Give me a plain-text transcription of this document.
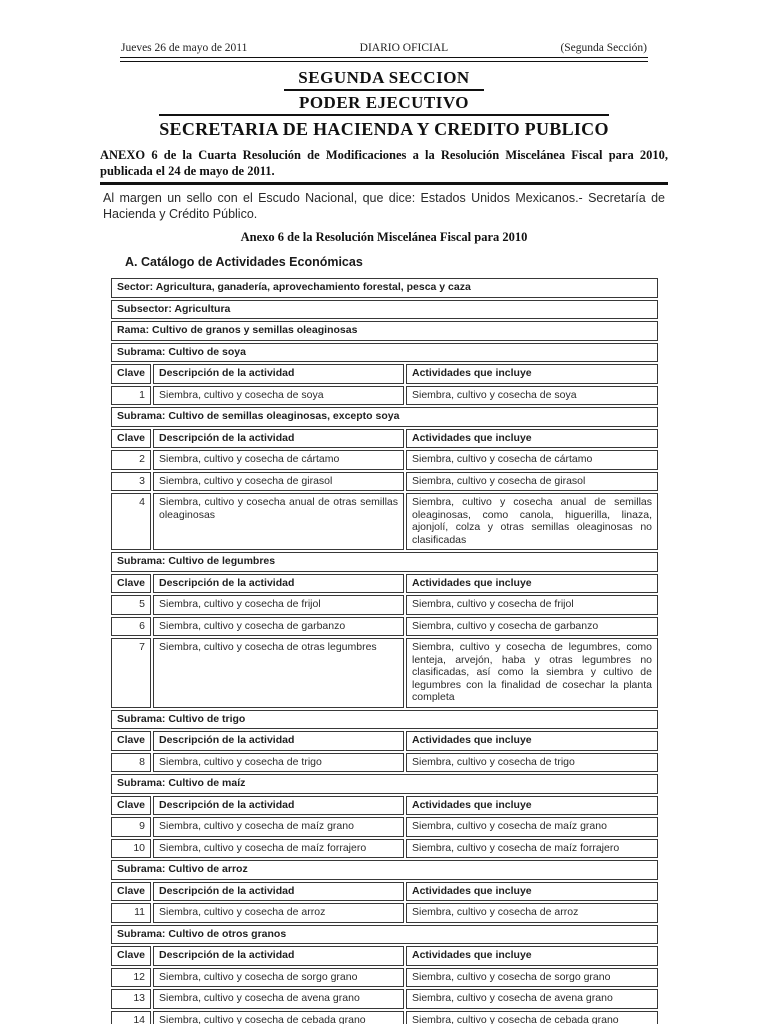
Jueves 26 de mayo de 2011	DIARIO OFICIAL	(Segunda Sección)
SEGUNDA SECCION
PODER EJECUTIVO
SECRETARIA DE HACIENDA Y CREDITO PUBLICO

ANEXO 6 de la Cuarta Resolución de Modificaciones a la Resolución Miscelánea Fiscal para 2010, publicada el 24 de mayo de 2011.

Al margen un sello con el Escudo Nacional, que dice: Estados Unidos Mexicanos.- Secretaría de Hacienda y Crédito Público.

Anexo 6 de la Resolución Miscelánea Fiscal para 2010
A. Catálogo de Actividades Económicas
Sector: Agricultura, ganadería, aprovechamiento forestal, pesca y caza		
Subsector: Agricultura		
Rama: Cultivo de granos y semillas oleaginosas		
Subrama: Cultivo de soya		
Clave	Descripción de la actividad	Actividades que incluye
1	Siembra, cultivo y cosecha de soya	Siembra, cultivo y cosecha de soya
Subrama: Cultivo de semillas oleaginosas, excepto soya		
Clave	Descripción de la actividad	Actividades que incluye
2	Siembra, cultivo y cosecha de cártamo	Siembra, cultivo y cosecha de cártamo
3	Siembra, cultivo y cosecha de girasol	Siembra, cultivo y cosecha de girasol
4	Siembra, cultivo y cosecha anual de otras semillas oleaginosas	Siembra, cultivo y cosecha anual de semillas oleaginosas, como canola, higuerilla, linaza, ajonjolí, colza y otras semillas oleaginosas no clasificadas
Subrama: Cultivo de legumbres		
Clave	Descripción de la actividad	Actividades que incluye
5	Siembra, cultivo y cosecha de frijol	Siembra, cultivo y cosecha de frijol
6	Siembra, cultivo y cosecha de garbanzo	Siembra, cultivo y cosecha de garbanzo
7	Siembra, cultivo y cosecha de otras legumbres	Siembra, cultivo y cosecha de legumbres, como lenteja, arvejón, haba y otras legumbres no clasificadas, así como la siembra y cultivo de legumbres con la finalidad de cosechar la planta completa
Subrama: Cultivo de trigo		
Clave	Descripción de la actividad	Actividades que incluye
8	Siembra, cultivo y cosecha de trigo	Siembra, cultivo y cosecha de trigo
Subrama: Cultivo de maíz		
Clave	Descripción de la actividad	Actividades que incluye
9	Siembra, cultivo y cosecha de maíz grano	Siembra, cultivo y cosecha de maíz grano
10	Siembra, cultivo y cosecha de maíz forrajero	Siembra, cultivo y cosecha de maíz forrajero
Subrama: Cultivo de arroz		
Clave	Descripción de la actividad	Actividades que incluye
11	Siembra, cultivo y cosecha de arroz	Siembra, cultivo y cosecha de arroz
Subrama: Cultivo de otros granos		
Clave	Descripción de la actividad	Actividades que incluye
12	Siembra, cultivo y cosecha de sorgo grano	Siembra, cultivo y cosecha de sorgo grano
13	Siembra, cultivo y cosecha de avena grano	Siembra, cultivo y cosecha de avena grano
14	Siembra, cultivo y cosecha de cebada grano	Siembra, cultivo y cosecha de cebada grano
